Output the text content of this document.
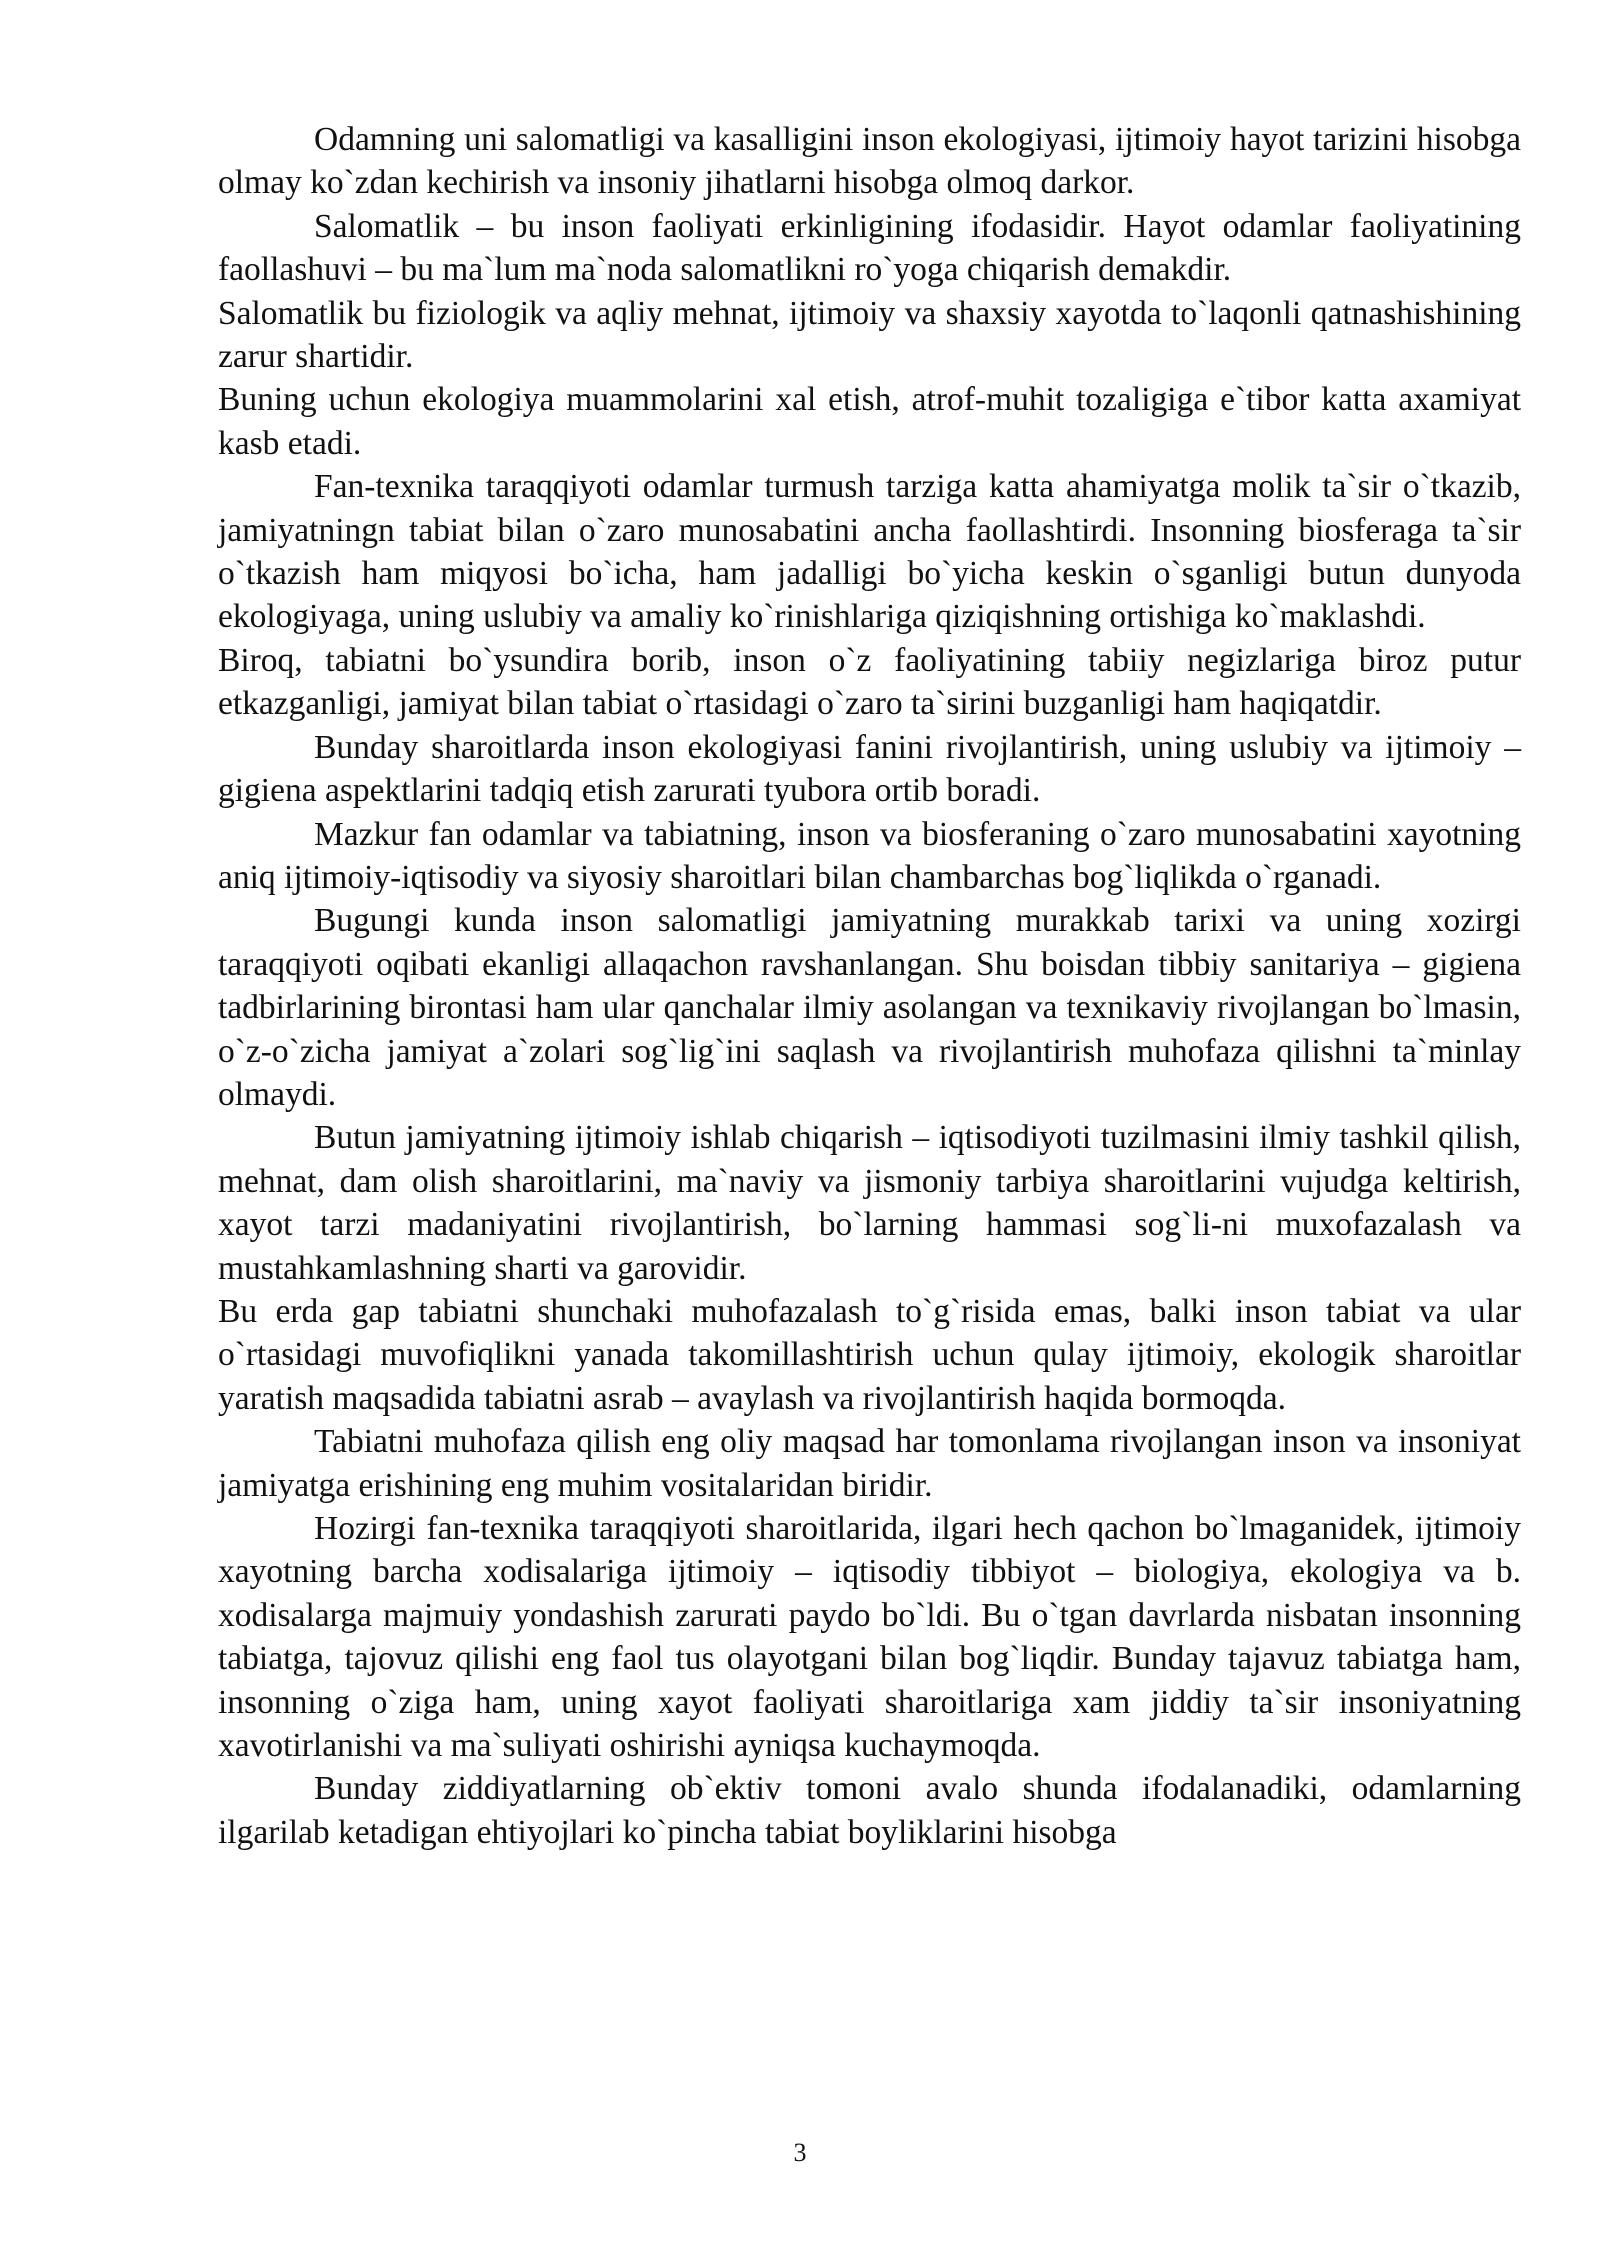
Odamning uni salomatligi va kasalligini inson ekologiyasi, ijtimoiy hayot tarizini hisobga olmay ko`zdan kechirish va insoniy jihatlarni hisobga olmoq darkor.

Salomatlik – bu inson faoliyati erkinligining ifodasidir. Hayot odamlar faoliyatining faollashuvi – bu ma`lum ma`noda salomatlikni ro`yoga chiqarish demakdir.

Salomatlik bu fiziologik va aqliy mehnat, ijtimoiy va shaxsiy xayotda to`laqonli qatnashishining zarur shartidir.

Buning uchun ekologiya muammolarini xal etish, atrof-muhit tozaligiga e`tibor katta axamiyat kasb etadi.

Fan-texnika taraqqiyoti odamlar turmush tarziga katta ahamiyatga molik ta`sir o`tkazib, jamiyatningn tabiat bilan o`zaro munosabatini ancha faollashtirdi. Insonning biosferaga ta`sir o`tkazish ham miqyosi bo`icha, ham jadalligi bo`yicha keskin o`sganligi butun dunyoda ekologiyaga, uning uslubiy va amaliy ko`rinishlariga qiziqishning ortishiga ko`maklashdi.

Biroq, tabiatni bo`ysundira borib, inson o`z faoliyatining tabiiy negizlariga biroz putur etkazganligi, jamiyat bilan tabiat o`rtasidagi o`zaro ta`sirini buzganligi ham haqiqatdir.

Bunday sharoitlarda inson ekologiyasi fanini rivojlantirish, uning uslubiy va ijtimoiy – gigiena aspektlarini tadqiq etish zarurati tyubora ortib boradi.

Mazkur fan odamlar va tabiatning, inson va biosferaning o`zaro munosabatini xayotning aniq ijtimoiy-iqtisodiy va siyosiy sharoitlari bilan chambarchas bog`liqlikda o`rganadi.

Bugungi kunda inson salomatligi jamiyatning murakkab tarixi va uning xozirgi taraqqiyoti oqibati ekanligi allaqachon ravshanlangan. Shu boisdan tibbiy sanitariya – gigiena tadbirlarining birontasi ham ular qanchalar ilmiy asolangan va texnikaviy rivojlangan bo`lmasin, o`z-o`zicha jamiyat a`zolari sog`lig`ini saqlash va rivojlantirish muhofaza qilishni ta`minlay olmaydi.

Butun jamiyatning ijtimoiy ishlab chiqarish – iqtisodiyoti tuzilmasini ilmiy tashkil qilish, mehnat, dam olish sharoitlarini, ma`naviy va jismoniy tarbiya sharoitlarini vujudga keltirish, xayot tarzi madaniyatini rivojlantirish, bo`larning hammasi sog`li-ni muxofazalash va mustahkamlashning sharti va garovidir.

Bu erda gap tabiatni shunchaki muhofazalash to`g`risida emas, balki inson tabiat va ular o`rtasidagi muvofiqlikni yanada takomillashtirish uchun qulay ijtimoiy, ekologik sharoitlar yaratish maqsadida tabiatni asrab – avaylash va rivojlantirish haqida bormoqda.

Tabiatni muhofaza qilish eng oliy maqsad har tomonlama rivojlangan inson va insoniyat jamiyatga erishining eng muhim vositalaridan biridir.

Hozirgi fan-texnika taraqqiyoti sharoitlarida, ilgari hech qachon bo`lmaganidek, ijtimoiy xayotning barcha xodisalariga ijtimoiy – iqtisodiy tibbiyot – biologiya, ekologiya va b. xodisalarga majmuiy yondashish zarurati paydo bo`ldi. Bu o`tgan davrlarda nisbatan insonning tabiatga, tajovuz qilishi eng faol tus olayotgani bilan bog`liqdir. Bunday tajavuz tabiatga ham, insonning o`ziga ham, uning xayot faoliyati sharoitlariga xam jiddiy ta`sir insoniyatning xavotirlanishi va ma`suliyati oshirishi ayniqsa kuchaymoqda.

Bunday ziddiyatlarning ob`ektiv tomoni avalo shunda ifodalanadiki, odamlarning ilgarilab ketadigan ehtiyojlari ko`pincha tabiat boyliklarini hisobga

3
